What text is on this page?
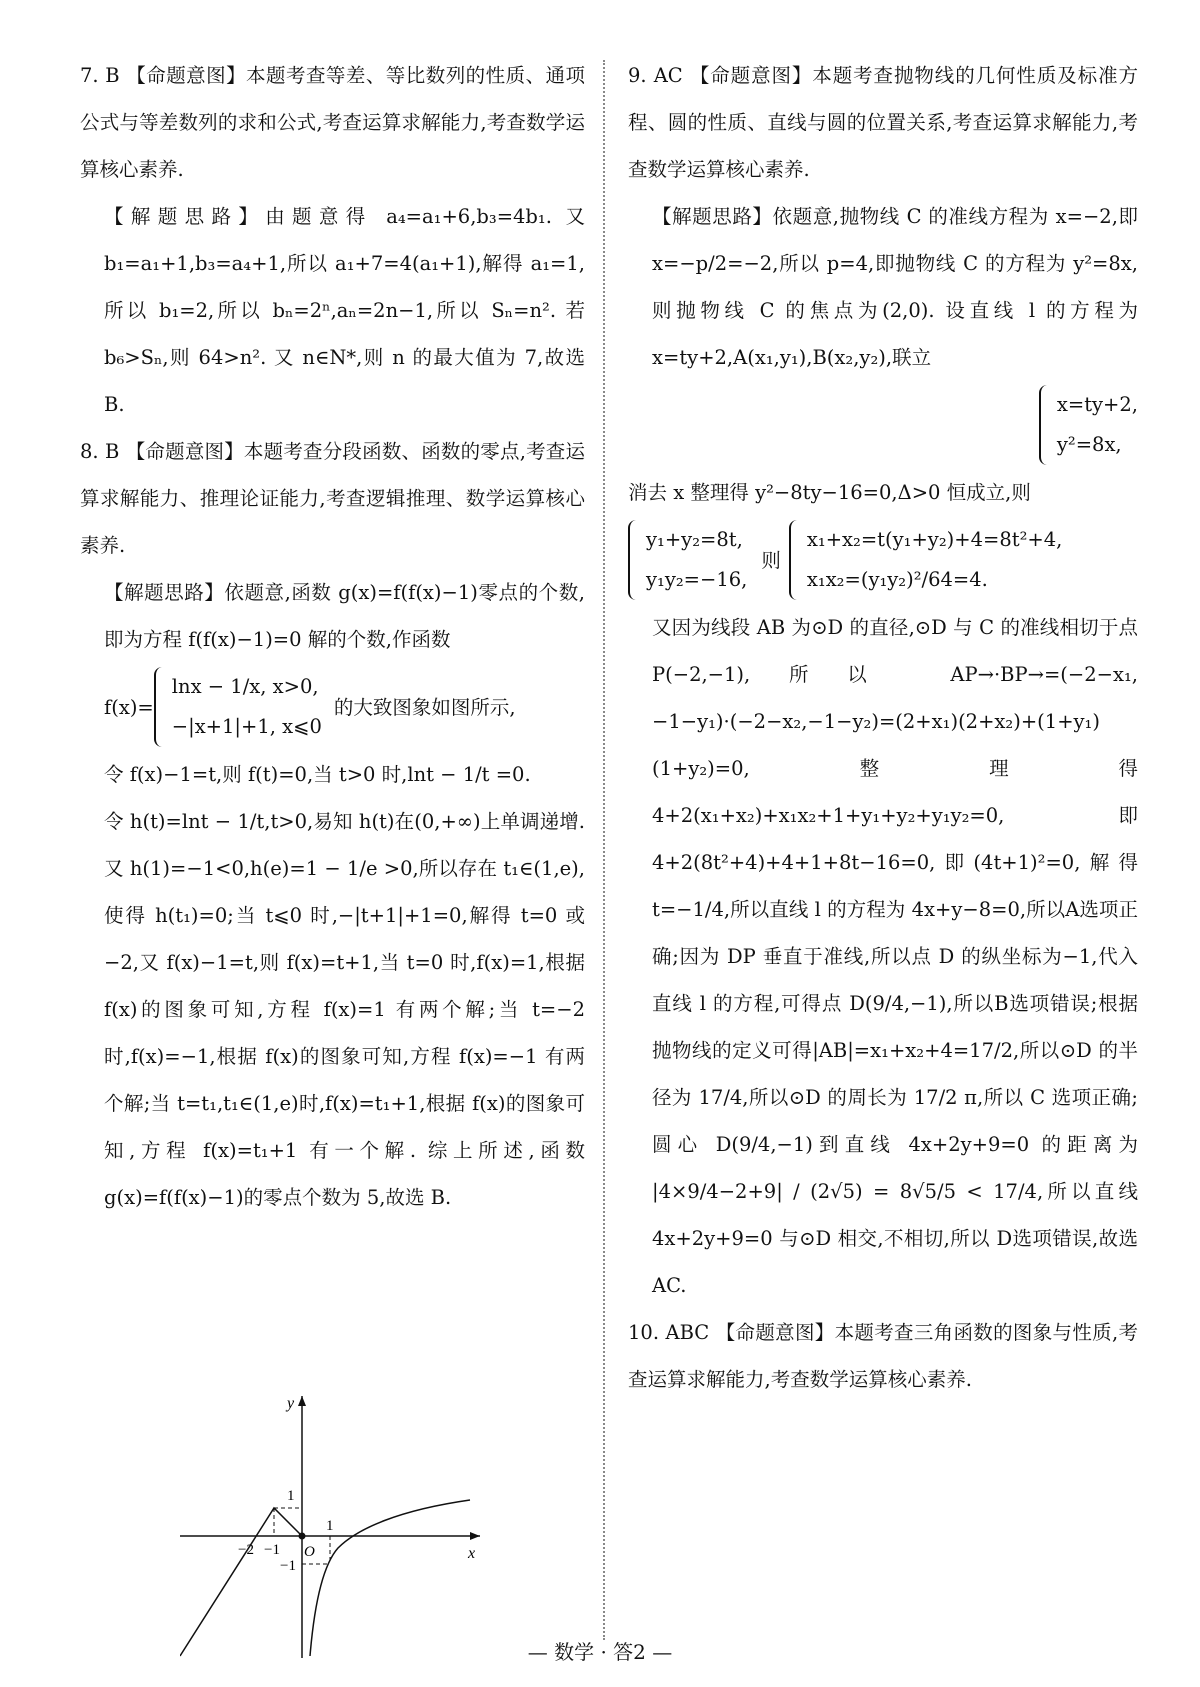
7. B 【命题意图】本题考查等差、等比数列的性质、通项公式与等差数列的求和公式,考查运算求解能力,考查数学运算核心素养.

【解题思路】由题意得 a₄=a₁+6,b₃=4b₁. 又 b₁=a₁+1,b₃=a₄+1,所以 a₁+7=4(a₁+1),解得 a₁=1,所以 b₁=2,所以 bₙ=2ⁿ,aₙ=2n−1,所以 Sₙ=n². 若 b₆>Sₙ,则 64>n². 又 n∈N*,则 n 的最大值为 7,故选 B.

8. B 【命题意图】本题考查分段函数、函数的零点,考查运算求解能力、推理论证能力,考查逻辑推理、数学运算核心素养.

【解题思路】依题意,函数 g(x)=f(f(x)−1)零点的个数,即为方程 f(f(x)−1)=0 解的个数,作函数

f(x)=
lnx − 1/x, x>0,
−|x+1|+1, x⩽0
的大致图象如图所示,

令 f(x)−1=t,则 f(t)=0,当 t>0 时,lnt − 1/t =0.

令 h(t)=lnt − 1/t,t>0,易知 h(t)在(0,+∞)上单调递增. 又 h(1)=−1<0,h(e)=1 − 1/e >0,所以存在 t₁∈(1,e),使得 h(t₁)=0;当 t⩽0 时,−|t+1|+1=0,解得 t=0 或−2,又 f(x)−1=t,则 f(x)=t+1,当 t=0 时,f(x)=1,根据 f(x)的图象可知,方程 f(x)=1 有两个解;当 t=−2 时,f(x)=−1,根据 f(x)的图象可知,方程 f(x)=−1 有两个解;当 t=t₁,t₁∈(1,e)时,f(x)=t₁+1,根据 f(x)的图象可知,方程 f(x)=t₁+1 有一个解. 综上所述,函数 g(x)=f(f(x)−1)的零点个数为 5,故选 B.

y
x
O
1
−1
1
−1
−2

9. AC 【命题意图】本题考查抛物线的几何性质及标准方程、圆的性质、直线与圆的位置关系,考查运算求解能力,考查数学运算核心素养.

【解题思路】依题意,抛物线 C 的准线方程为 x=−2,即 x=−p/2=−2,所以 p=4,即抛物线 C 的方程为 y²=8x,则抛物线 C 的焦点为(2,0). 设直线 l 的方程为 x=ty+2,A(x₁,y₁),B(x₂,y₂),联立

x=ty+2,
y²=8x,

消去 x 整理得 y²−8ty−16=0,Δ>0 恒成立,则

y₁+y₂=8t,
y₁y₂=−16,
则
x₁+x₂=t(y₁+y₂)+4=8t²+4,
x₁x₂=(y₁y₂)²/64=4.

又因为线段 AB 为⊙D 的直径,⊙D 与 C 的准线相切于点 P(−2,−1),所以 AP→·BP→=(−2−x₁,−1−y₁)·(−2−x₂,−1−y₂)=(2+x₁)(2+x₂)+(1+y₁)(1+y₂)=0,整理得 4+2(x₁+x₂)+x₁x₂+1+y₁+y₂+y₁y₂=0,即 4+2(8t²+4)+4+1+8t−16=0,即(4t+1)²=0,解得 t=−1/4,所以直线 l 的方程为 4x+y−8=0,所以A选项正确;因为 DP 垂直于准线,所以点 D 的纵坐标为−1,代入直线 l 的方程,可得点 D(9/4,−1),所以B选项错误;根据抛物线的定义可得|AB|=x₁+x₂+4=17/2,所以⊙D 的半径为 17/4,所以⊙D 的周长为 17/2 π,所以 C 选项正确;圆心 D(9/4,−1)到直线 4x+2y+9=0 的距离为 |4×9/4−2+9| / (2√5) = 8√5/5 < 17/4,所以直线 4x+2y+9=0 与⊙D 相交,不相切,所以 D选项错误,故选 AC.

10. ABC 【命题意图】本题考查三角函数的图象与性质,考查运算求解能力,考查数学运算核心素养.

— 数学 · 答2 —
